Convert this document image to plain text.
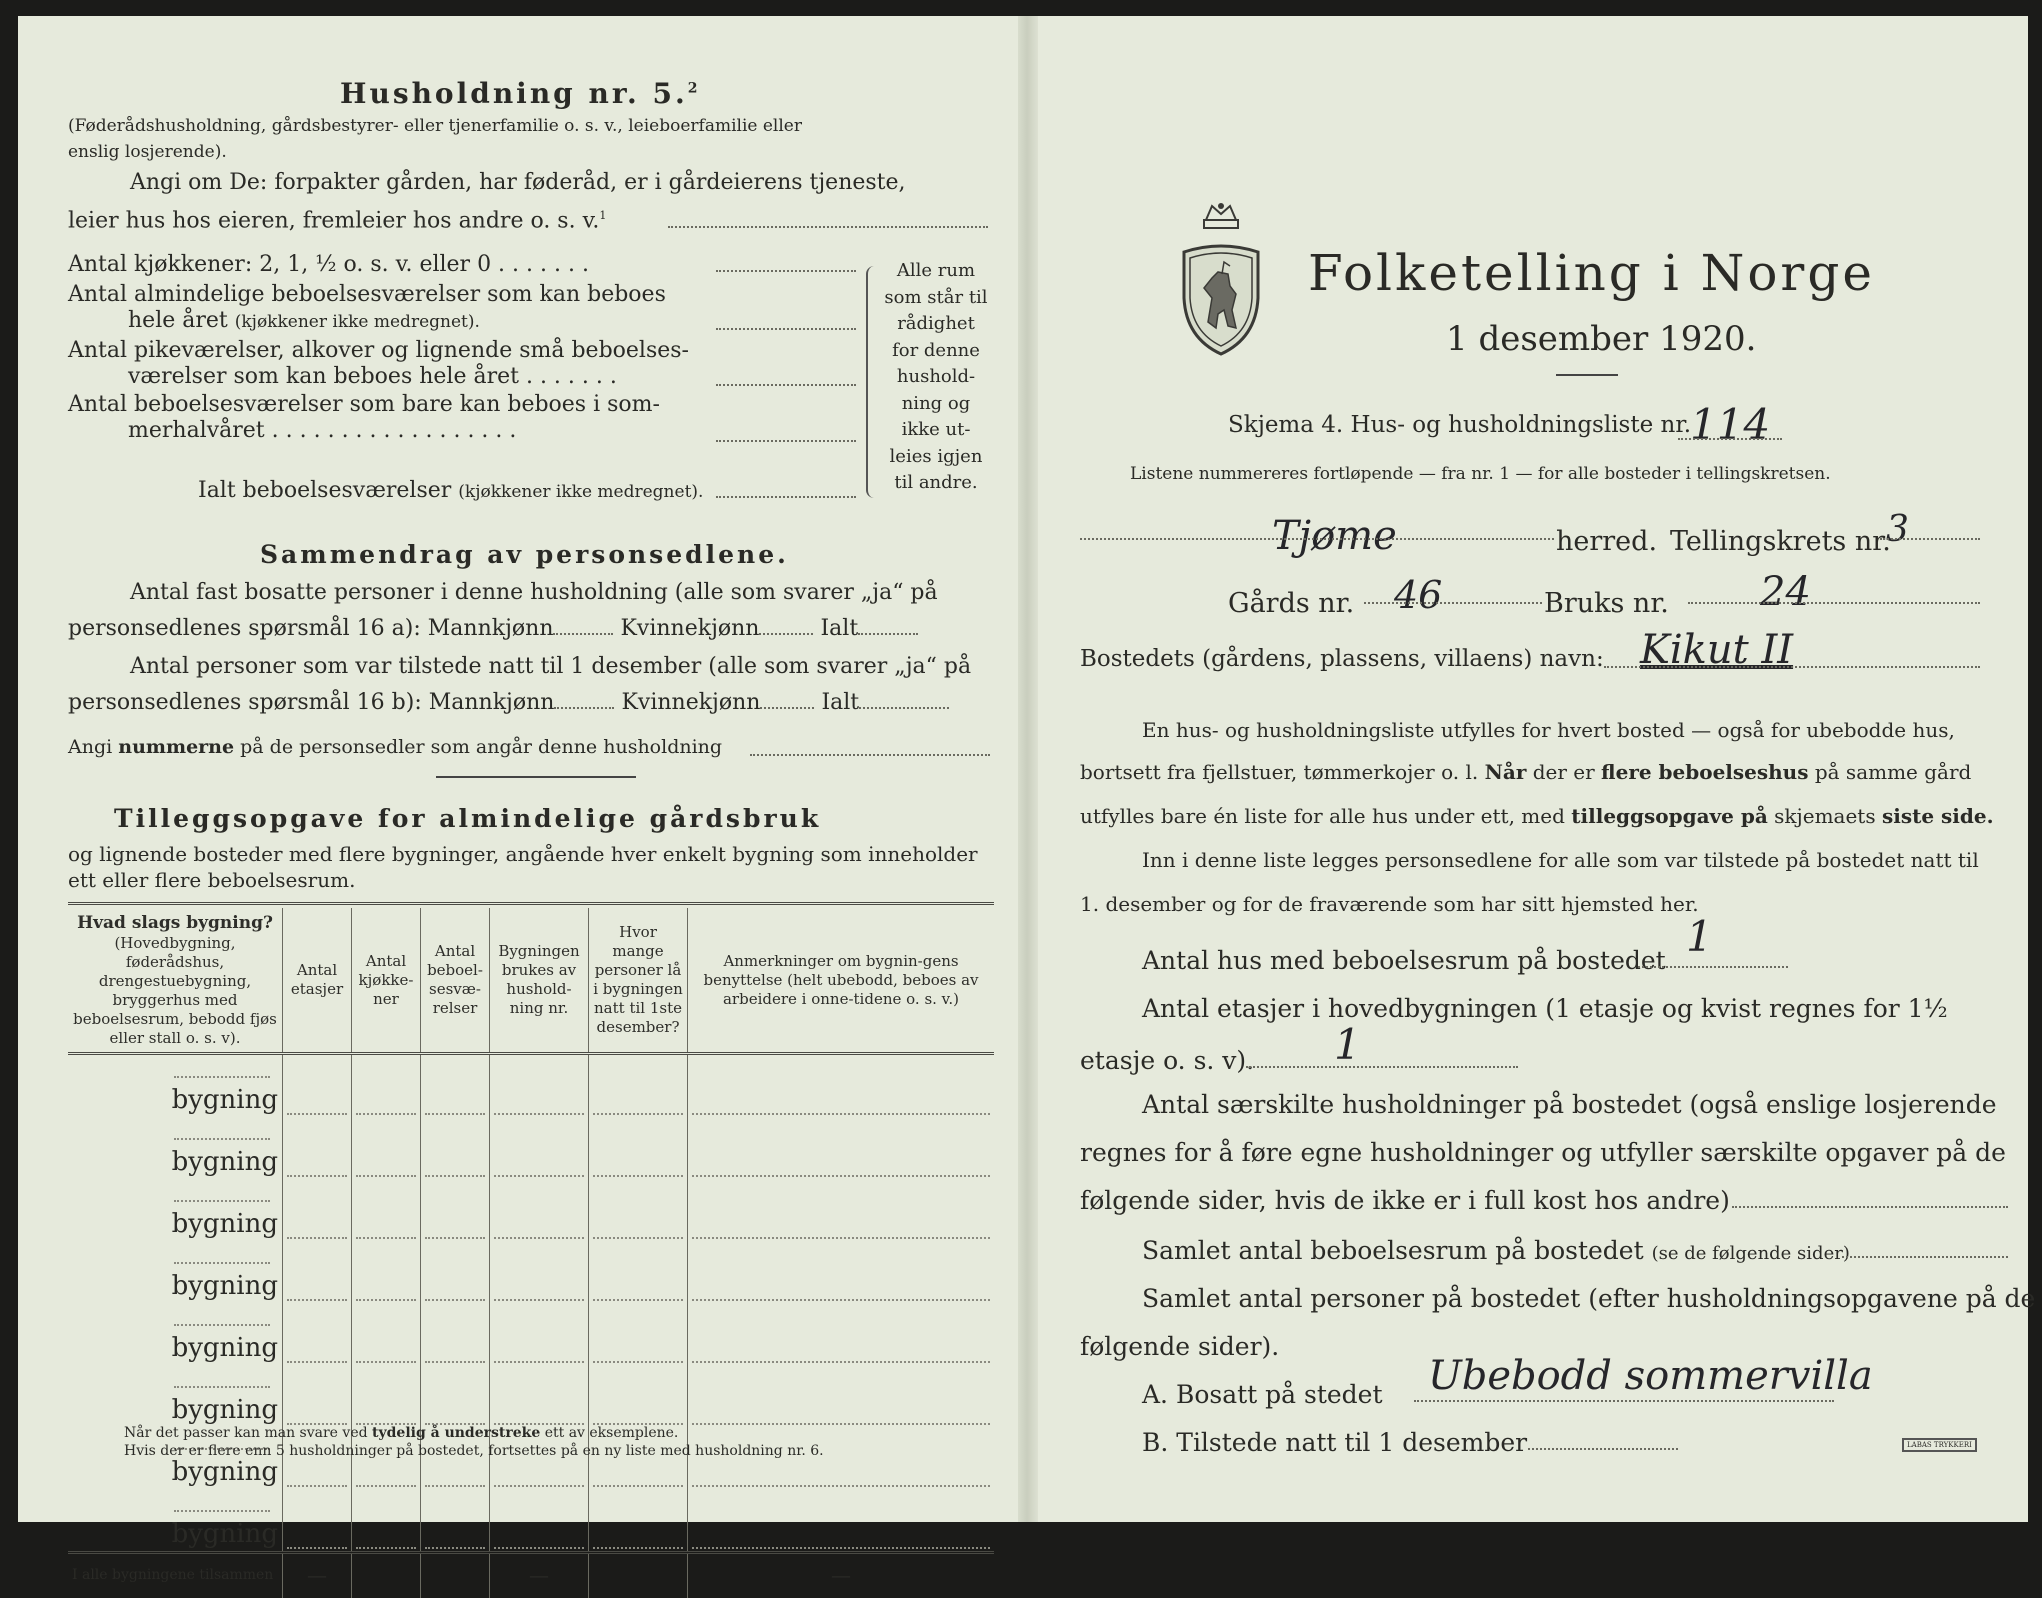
Husholdning nr. 5.$^2$
(Føderådshusholdning, gårdsbestyrer- eller tjenerfamilie o. s. v., leieboerfamilie eller
enslig losjerende).
Angi om De: forpakter gården, har føderåd, er i gårdeierens tjeneste,
leier hus hos eieren, fremleier hos andre o. s. v.$^1$
Antal kjøkkener: 2, 1, ½ o. s. v. eller 0 . . . . . . .
Antal almindelige beboelsesværelser som kan beboes
hele året (kjøkkener ikke medregnet).
Antal pikeværelser, alkover og lignende små beboelses-
værelser som kan beboes hele året . . . . . . .
Antal beboelsesværelser som bare kan beboes i som-
merhalvåret . . . . . . . . . . . . . . . . . .
Ialt beboelsesværelser (kjøkkener ikke medregnet).
Alle rum
som står til
rådighet
for denne
hushold-
ning og
ikke ut-
leies igjen
til andre.
Sammendrag av personsedlene.
Antal fast bosatte personer i denne husholdning (alle som svarer „ja“ på
personsedlenes spørsmål 16 a): Mannkjønn	Kvinnekjønn	Ialt
Antal personer som var tilstede natt til 1 desember (alle som svarer „ja“ på
personsedlenes spørsmål 16 b): Mannkjønn	Kvinnekjønn	Ialt
Angi nummerne på de personsedler som angår denne husholdning
Tilleggsopgave for almindelige gårdsbruk
og lignende bosteder med flere bygninger, angående hver enkelt bygning som inneholder
ett eller flere beboelsesrum.
Hvad slags bygning?
(Hovedbygning, føderådshus, drengestuebygning, bryggerhus med beboelsesrum, bebodd fjøs eller stall o. s. v).	Antal etasjer	Antal kjøkke-ner	Antal beboel-sesvæ-relser	Bygningen brukes av hushold-ning nr.	Hvor mange personer lå i bygningen natt til 1ste desember?	Anmerkninger om bygnin-gens benyttelse (helt ubebodd, beboes av arbeidere i onne-tidene o. s. v.)
bygning	

bygning	

bygning	

bygning	

bygning	

bygning	

bygning	

bygning	

I alle bygningene tilsammen	—			—		—
Når det passer kan man svare ved tydelig å understreke ett av eksemplene.
Hvis der er flere enn 5 husholdninger på bostedet, fortsettes på en ny liste med husholdning nr. 6.
Folketelling i Norge
1 desember 1920.
Skjema 4. Hus- og husholdningsliste nr.
114
Listene nummereres fortløpende — fra nr. 1 — for alle bosteder i tellingskretsen.
Tjøme	herred. Tellingskrets nr.
3
Gårds nr. 46	Bruks nr. 24
Bostedets (gårdens, plassens, villaens) navn: Kikut II
En hus- og husholdningsliste utfylles for hvert bosted — også for ubebodde hus,
bortsett fra fjellstuer, tømmerkojer o. l. Når der er flere beboelseshus på samme gård
utfylles bare én liste for alle hus under ett, med tilleggsopgave på skjemaets siste side.
Inn i denne liste legges personsedlene for alle som var tilstede på bostedet natt til
1. desember og for de fraværende som har sitt hjemsted her.
Antal hus med beboelsesrum på bostedet 1
Antal etasjer i hovedbygningen (1 etasje og kvist regnes for 1½
etasje o. s. v). 1
Antal særskilte husholdninger på bostedet (også enslige losjerende
regnes for å føre egne husholdninger og utfyller særskilte opgaver på de
følgende sider, hvis de ikke er i full kost hos andre)
Samlet antal beboelsesrum på bostedet (se de følgende sider)
Samlet antal personer på bostedet (efter husholdningsopgavene på de
følgende sider).
A. Bosatt på stedet Ubebodd sommervilla
B. Tilstede natt til 1 desember	LABAS TRYKKERI
